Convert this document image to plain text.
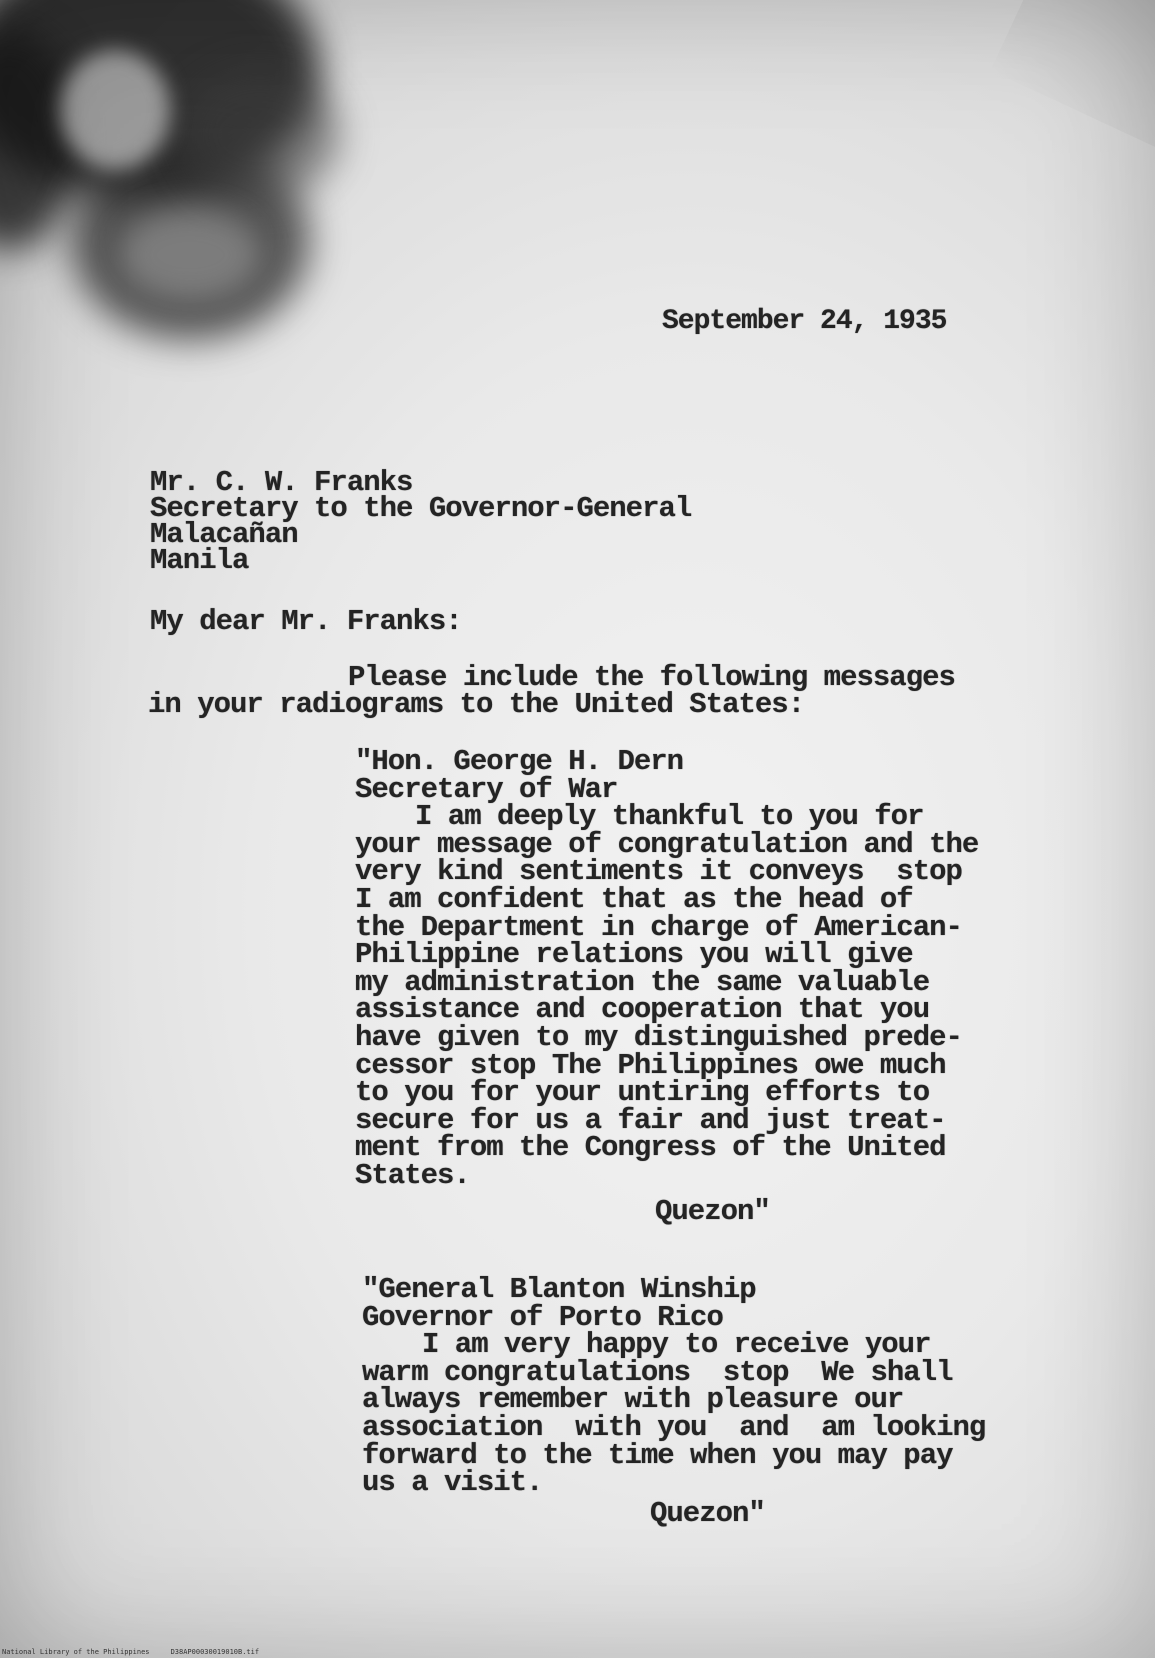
September 24, 1935

Mr. C. W. Franks
Secretary to the Governor-General
Malacañan
Manila
My dear Mr. Franks:
Please include the following messages
in your radiograms to the United States:
"Hon. George H. Dern
Secretary of War
I am deeply thankful to you for
your message of congratulation and the
very kind sentiments it conveys  stop
I am confident that as the head of
the Department in charge of American-
Philippine relations you will give
my administration the same valuable
assistance and cooperation that you
have given to my distinguished prede-
cessor stop The Philippines owe much
to you for your untiring efforts to
secure for us a fair and just treat-
ment from the Congress of the United
States.

Quezon"

"General Blanton Winship
Governor of Porto Rico
I am very happy to receive your
warm congratulations  stop  We shall
always remember with pleasure our
association  with you  and  am looking
forward to the time when you may pay
us a visit.

Quezon"

National Library of the Philippines     D38AP00030019010B.tif
